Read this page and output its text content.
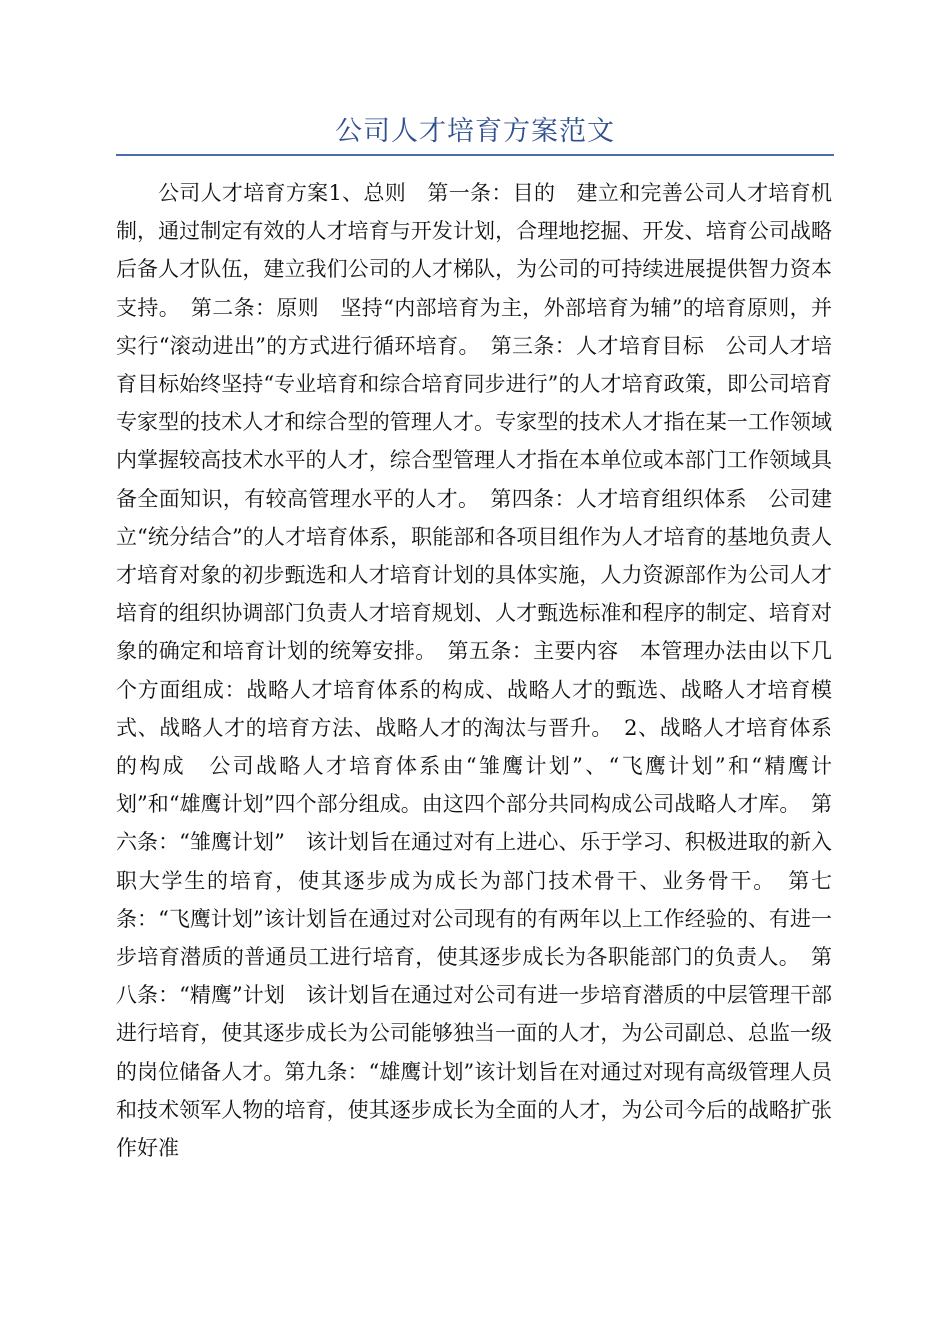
公司人才培育方案范文

公司人才培育方案1、总则　第一条：目的　建立和完善公司人才培育机制，通过制定有效的人才培育与开发计划，合理地挖掘、开发、培育公司战略后备人才队伍，建立我们公司的人才梯队，为公司的可持续进展提供智力资本支持。　第二条：原则　坚持“内部培育为主，外部培育为辅”的培育原则，并实行“滚动进出”的方式进行循环培育。　第三条：人才培育目标　公司人才培育目标始终坚持“专业培育和综合培育同步进行”的人才培育政策，即公司培育专家型的技术人才和综合型的管理人才。专家型的技术人才指在某一工作领域内掌握较高技术水平的人才，综合型管理人才指在本单位或本部门工作领域具备全面知识，有较高管理水平的人才。　第四条：人才培育组织体系　公司建立“统分结合”的人才培育体系，职能部和各项目组作为人才培育的基地负责人才培育对象的初步甄选和人才培育计划的具体实施，人力资源部作为公司人才培育的组织协调部门负责人才培育规划、人才甄选标准和程序的制定、培育对象的确定和培育计划的统筹安排。　第五条：主要内容　本管理办法由以下几个方面组成：战略人才培育体系的构成、战略人才的甄选、战略人才培育模式、战略人才的培育方法、战略人才的淘汰与晋升。　2、战略人才培育体系的构成　公司战略人才培育体系由“雏鹰计划”、“飞鹰计划”和“精鹰计划”和“雄鹰计划”四个部分组成。由这四个部分共同构成公司战略人才库。　第六条：“雏鹰计划”　该计划旨在通过对有上进心、乐于学习、积极进取的新入职大学生的培育，使其逐步成为成长为部门技术骨干、业务骨干。　第七条：“飞鹰计划”该计划旨在通过对公司现有的有两年以上工作经验的、有进一步培育潜质的普通员工进行培育，使其逐步成长为各职能部门的负责人。　第八条：“精鹰”计划　该计划旨在通过对公司有进一步培育潜质的中层管理干部进行培育，使其逐步成长为公司能够独当一面的人才，为公司副总、总监一级的岗位储备人才。第九条：“雄鹰计划”该计划旨在对通过对现有高级管理人员和技术领军人物的培育，使其逐步成长为全面的人才，为公司今后的战略扩张作好准
